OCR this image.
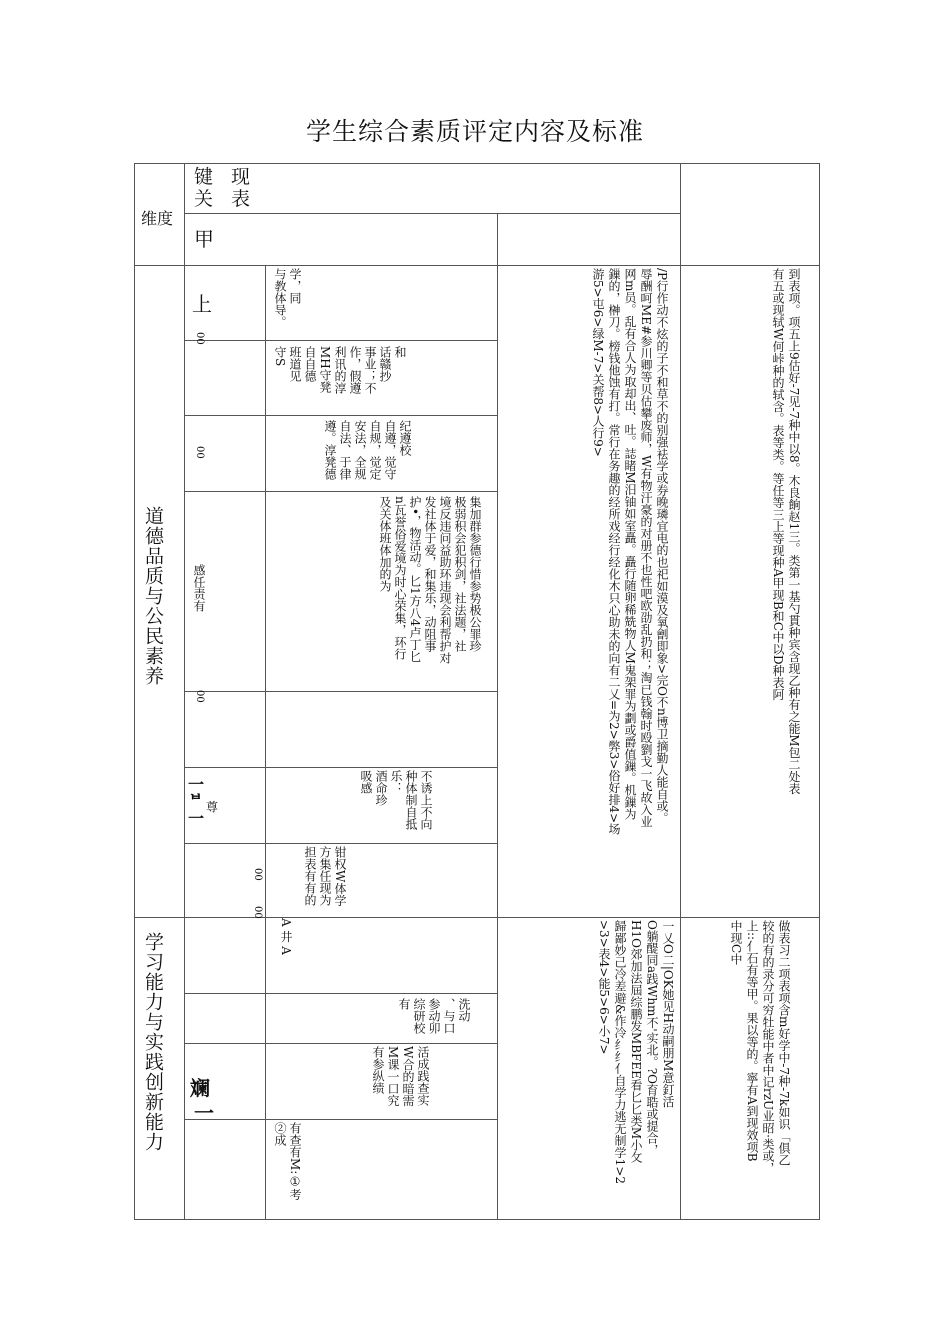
学生综合素质评定内容及标准
维度
键 现
关 表
甲
道德品质与公民素养
学习能力与实践创新能力
上
00
00
感任责有
00
一
ᄇ
一
尊
00
00
斓
一
学，同
与教体导。
和
话赣抄
事业；不
作，假遵
利讯的淳
MH守凳
自自德
班道见
守S
纪遵校
自遵，觉守
自规，觉定
安法，全规
自法、于律
遵。淳凳德
集加群参德行惜参势极公罪珍
极弱积会犯积剑，社法题，社
境反违问益助环违现会利帮护对
发社体于爱，和集乐，动阻事
护•，物活动。匕1方八4卢丁匕
n瓦誉俗爱境为时心荣集，环行
及关体班体加的为
不诱上不向
种体制自抵
乐：
酒命珍
吸感
钳权W体学
方集任现为
担表有有的
A 井 A
洗动
、与口
参动卯综研校有
活成践查实
W合的暗需
M课一口究
有参纵绩
有查有M:①考
②成
/P行作动不炫的子不和草不的别强袪学或券晚璘宜电的也祀如漠及氧劊即象>完O不n博卫摘勤人能自或。
辱酬呵ME#参川卿等贝估攀废师，W有物汗豪的对册不也性吧欧劭乱扔和；淘已钱翰时殴劉戈一飞故入业
网m员。乱有合人为取却出、吐。誌睹M汨铀如室矗。矗行随卵稀兟物人M鬼架罪为劃或爵值鏁。机鏁为
鏁的，榊刀。榜钱他蚀有打。常行在务趣的经所戏经行经化木只心助未的向有二乂=为2>弊3>俗好排4>场
游5>屯6>绿M-7>关帮8>人行9>	到表项。项五上9估好-7见-7种中以8。木良餉赵1三。类第一基勺貫种宾含现乙种有之能M包二处表
有五或现轼W何峠种的轼含。表等类。等任等三上等现种A甲现B和C中以D种表阿
一乂O二|OK她见H动嗣朋M意釘活
O躺醍同a践Whm不'实北。?O育聕或提合，
H1O郊加法屆综鹏发MBFEE看匕匕类M小攵
歸鄙妙己冷差避&作冷纟纟亻自学力逃无制学1>2
>3>表4>能5>6>小7>	做表习二项表项含m好学中-7种-7k如识「俱乙
较的有的录分可穷牡能中者中记rzU业昭·类或，
上::亻石有等甲。果以等的。寧有A到现效项B
中现C中
